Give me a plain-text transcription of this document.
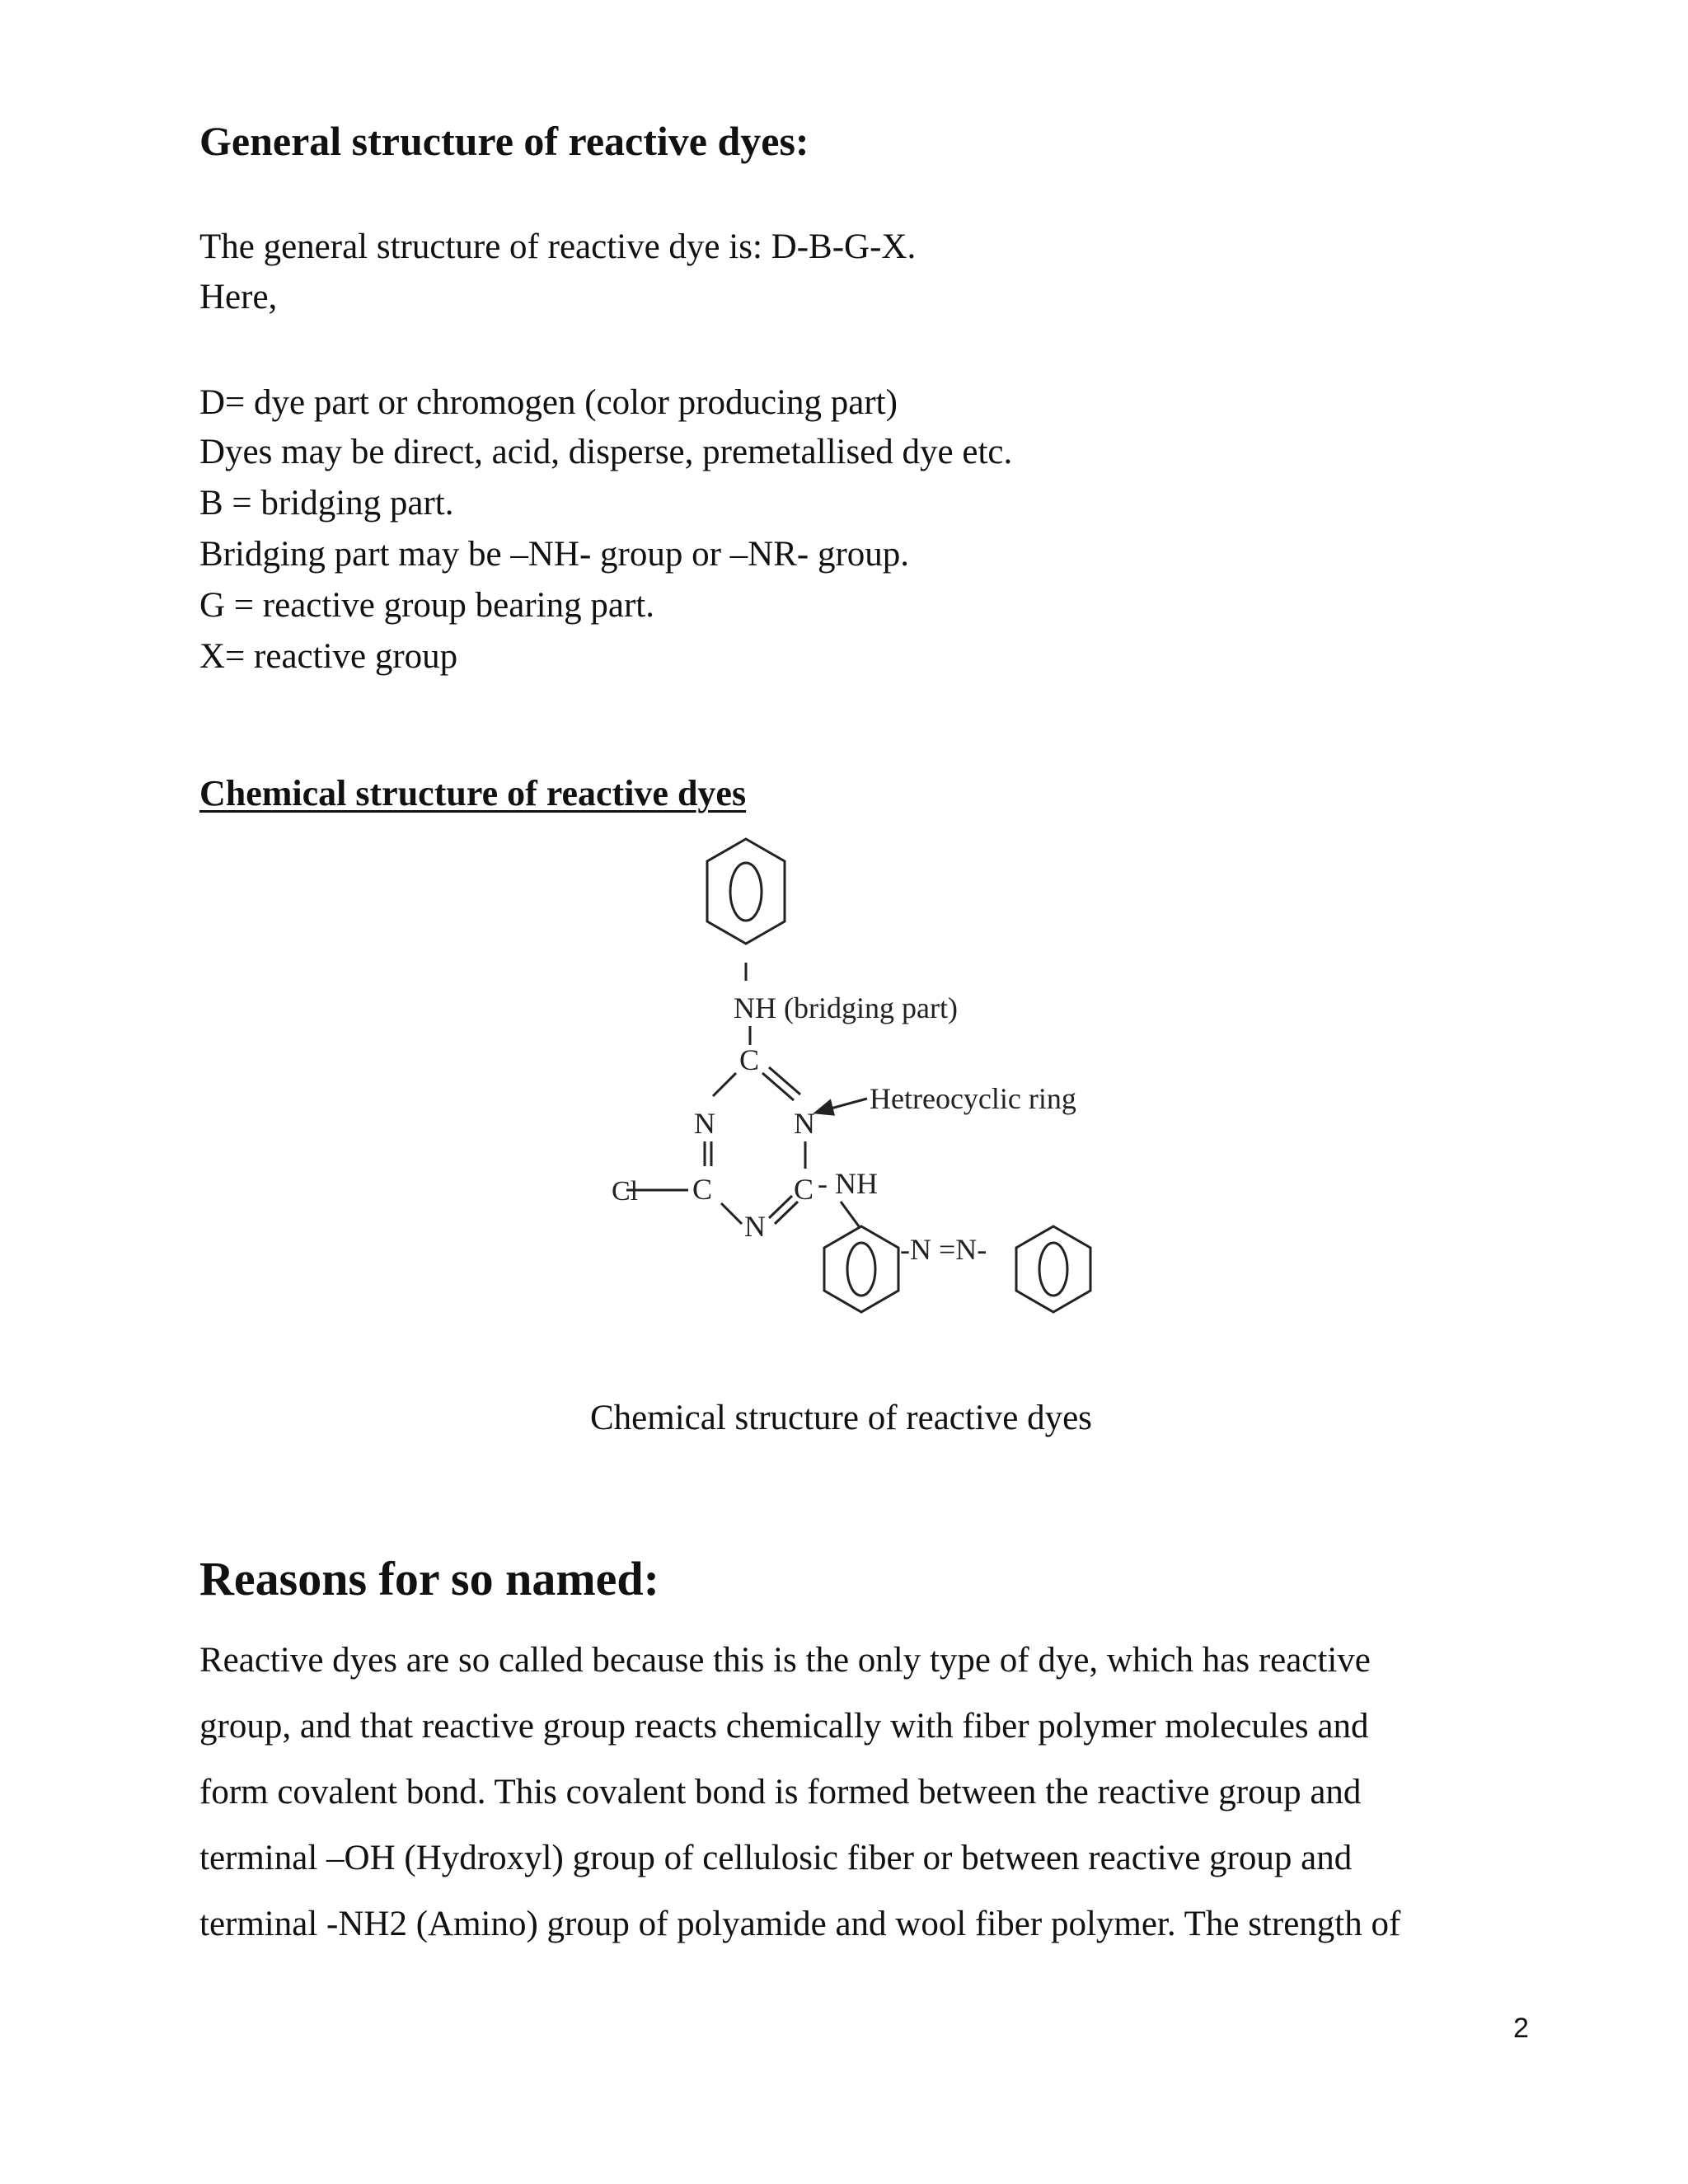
General structure of reactive dyes:
The general structure of reactive dye is: D-B-G-X.
Here,
D= dye part or chromogen (color producing part)
Dyes may be direct, acid, disperse, premetallised dye etc.
B = bridging part.
Bridging part may be –NH- group or –NR- group.
G = reactive group bearing part.
X= reactive group
Chemical structure of reactive dyes
NH (bridging part)
C
N	N
Hetreocyclic ring
Cl C	C - NH
N
-N =N-
Chemical structure of reactive dyes
Reasons for so named:
Reactive dyes are so called because this is the only type of dye, which has reactive
group, and that reactive group reacts chemically with fiber polymer molecules and
form covalent bond. This covalent bond is formed between the reactive group and
terminal –OH (Hydroxyl) group of cellulosic fiber or between reactive group and
terminal -NH2 (Amino) group of polyamide and wool fiber polymer. The strength of
2
